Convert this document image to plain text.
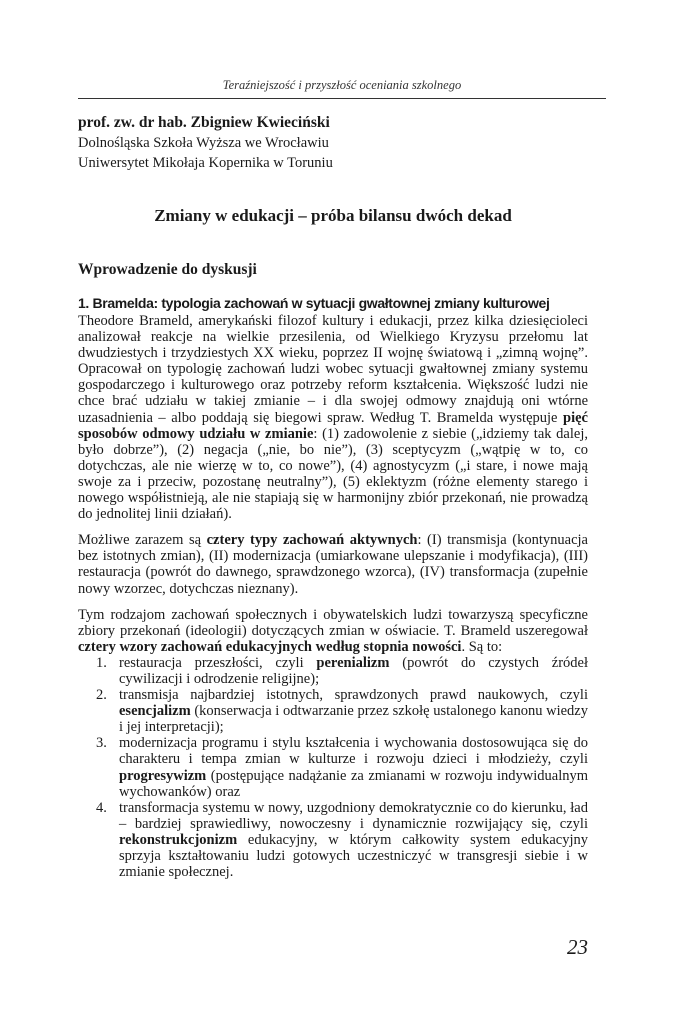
Teraźniejszość i przyszłość oceniania szkolnego

prof. zw. dr hab. Zbigniew Kwieciński

Dolnośląska Szkoła Wyższa we Wrocławiu

Uniwersytet Mikołaja Kopernika w Toruniu

Zmiany w edukacji – próba bilansu dwóch dekad
Wprowadzenie do dyskusji
1. Bramelda: typologia zachowań w sytuacji gwałtownej zmiany kulturowej

Theodore Brameld, amerykański filozof kultury i edukacji, przez kilka dziesięcioleci analizował reakcje na wielkie przesilenia, od Wielkiego Kryzysu przełomu lat dwudziestych i trzydziestych XX wieku, poprzez II wojnę światową i „zimną wojnę”. Opracował on typologię zachowań ludzi wobec sytuacji gwałtownej zmiany systemu gospodarczego i kulturowego oraz potrzeby reform kształcenia. Większość ludzi nie chce brać udziału w takiej zmianie – i dla swojej odmowy znajdują oni wtórne uzasadnienia – albo poddają się biegowi spraw. Według T. Bramelda występuje pięć sposobów odmowy udziału w zmianie: (1) zadowolenie z siebie („idziemy tak dalej, było dobrze”), (2) negacja („nie, bo nie”), (3) sceptycyzm („wątpię w to, co dotychczas, ale nie wierzę w to, co nowe”), (4) agnostycyzm („i stare, i nowe mają swoje za i przeciw, pozostanę neutralny”), (5) eklektyzm (różne elementy starego i nowego współistnieją, ale nie stapiają się w harmonijny zbiór przekonań, nie prowadzą do jednolitej linii działań).

Możliwe zarazem są cztery typy zachowań aktywnych: (I) transmisja (kontynuacja bez istotnych zmian), (II) modernizacja (umiarkowane ulepszanie i modyfikacja), (III) restauracja (powrót do dawnego, sprawdzonego wzorca), (IV) transformacja (zupełnie nowy wzorzec, dotychczas nieznany).

Tym rodzajom zachowań społecznych i obywatelskich ludzi towarzyszą specyficzne zbiory przekonań (ideologii) dotyczących zmian w oświacie. T. Brameld uszeregował cztery wzory zachowań edukacyjnych według stopnia nowości. Są to:

1. restauracja przeszłości, czyli perenializm (powrót do czystych źródeł cywilizacji i odrodzenie religijne);
2. transmisja najbardziej istotnych, sprawdzonych prawd naukowych, czyli esencjalizm (konserwacja i odtwarzanie przez szkołę ustalonego kanonu wiedzy i jej interpretacji);
3. modernizacja programu i stylu kształcenia i wychowania dostosowująca się do charakteru i tempa zmian w kulturze i rozwoju dzieci i młodzieży, czyli progresywizm (postępujące nadążanie za zmianami w rozwoju indywidualnym wychowanków) oraz
4. transformacja systemu w nowy, uzgodniony demokratycznie co do kierunku, ład – bardziej sprawiedliwy, nowoczesny i dynamicznie rozwijający się, czyli rekonstrukcjonizm edukacyjny, w którym całkowity system edukacyjny sprzyja kształtowaniu ludzi gotowych uczestniczyć w transgresji siebie i w zmianie społecznej.
23
